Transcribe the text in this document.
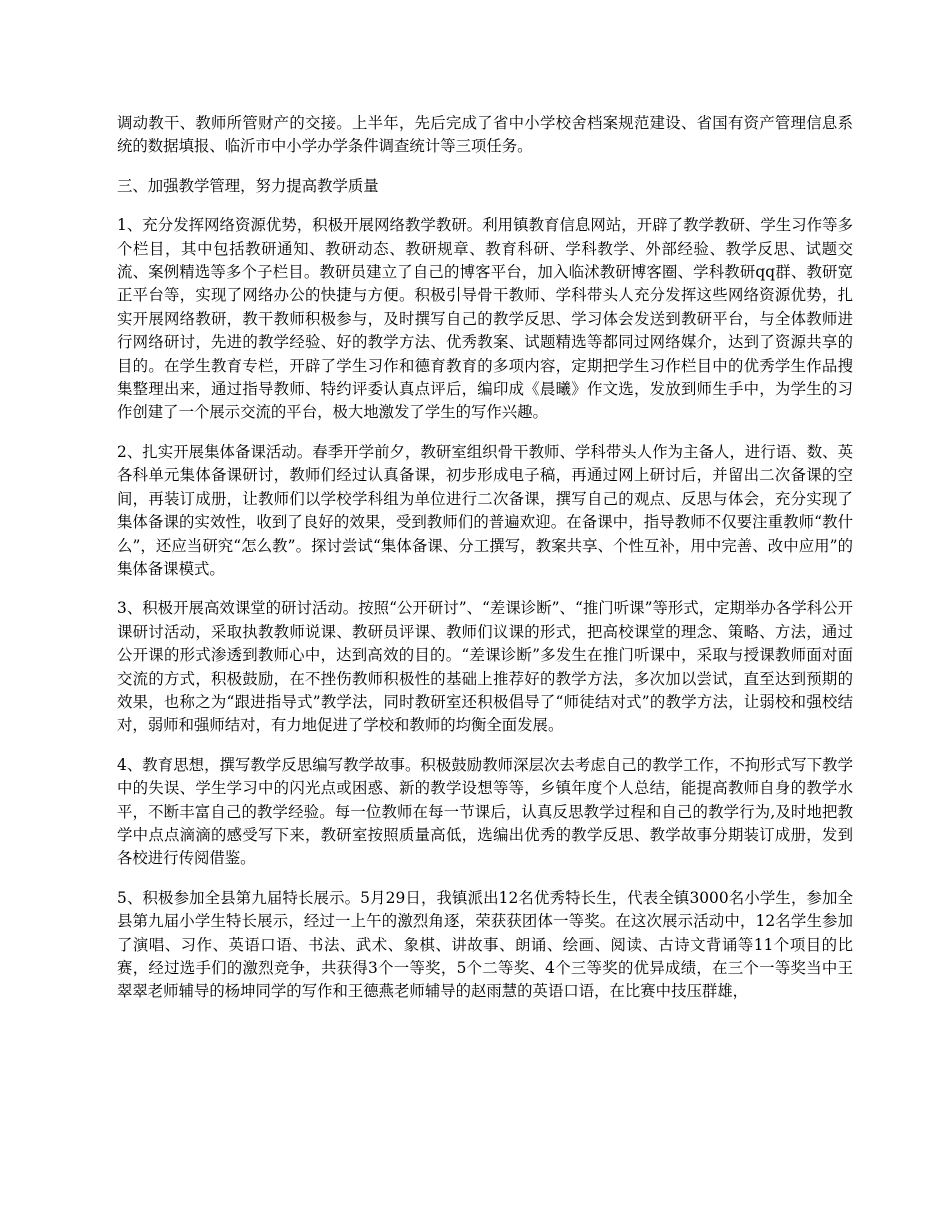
调动教干、教师所管财产的交接。上半年，先后完成了省中小学校舍档案规范建设、省国有资产管理信息系统的数据填报、临沂市中小学办学条件调查统计等三项任务。

三、加强教学管理，努力提高教学质量

1、充分发挥网络资源优势，积极开展网络教学教研。利用镇教育信息网站，开辟了教学教研、学生习作等多个栏目，其中包括教研通知、教研动态、教研规章、教育科研、学科教学、外部经验、教学反思、试题交流、案例精选等多个子栏目。教研员建立了自己的博客平台，加入临沭教研博客圈、学科教研qq群、教研宽正平台等，实现了网络办公的快捷与方便。积极引导骨干教师、学科带头人充分发挥这些网络资源优势，扎实开展网络教研，教干教师积极参与，及时撰写自己的教学反思、学习体会发送到教研平台，与全体教师进行网络研讨，先进的教学经验、好的教学方法、优秀教案、试题精选等都同过网络媒介，达到了资源共享的目的。在学生教育专栏，开辟了学生习作和德育教育的多项内容，定期把学生习作栏目中的优秀学生作品搜集整理出来，通过指导教师、特约评委认真点评后，编印成《晨曦》作文选，发放到师生手中，为学生的习作创建了一个展示交流的平台，极大地激发了学生的写作兴趣。

2、扎实开展集体备课活动。春季开学前夕，教研室组织骨干教师、学科带头人作为主备人，进行语、数、英各科单元集体备课研讨，教师们经过认真备课，初步形成电子稿，再通过网上研讨后，并留出二次备课的空间，再装订成册，让教师们以学校学科组为单位进行二次备课，撰写自己的观点、反思与体会，充分实现了集体备课的实效性，收到了良好的效果，受到教师们的普遍欢迎。在备课中，指导教师不仅要注重教师“教什么”，还应当研究“怎么教”。探讨尝试“集体备课、分工撰写，教案共享、个性互补，用中完善、改中应用”的集体备课模式。

3、积极开展高效课堂的研讨活动。按照“公开研讨”、“差课诊断”、“推门听课”等形式，定期举办各学科公开课研讨活动，采取执教教师说课、教研员评课、教师们议课的形式，把高校课堂的理念、策略、方法，通过公开课的形式渗透到教师心中，达到高效的目的。“差课诊断”多发生在推门听课中，采取与授课教师面对面交流的方式，积极鼓励，在不挫伤教师积极性的基础上推荐好的教学方法，多次加以尝试，直至达到预期的效果，也称之为“跟进指导式”教学法，同时教研室还积极倡导了“师徒结对式”的教学方法，让弱校和强校结对，弱师和强师结对，有力地促进了学校和教师的均衡全面发展。

4、教育思想，撰写教学反思编写教学故事。积极鼓励教师深层次去考虑自己的教学工作，不拘形式写下教学中的失误、学生学习中的闪光点或困惑、新的教学设想等等，乡镇年度个人总结，能提高教师自身的教学水平，不断丰富自己的教学经验。每一位教师在每一节课后，认真反思教学过程和自己的教学行为,及时地把教学中点点滴滴的感受写下来，教研室按照质量高低，选编出优秀的教学反思、教学故事分期装订成册，发到各校进行传阅借鉴。

5、积极参加全县第九届特长展示。5月29日，我镇派出12名优秀特长生，代表全镇3000名小学生，参加全县第九届小学生特长展示，经过一上午的激烈角逐，荣获获团体一等奖。在这次展示活动中，12名学生参加了演唱、习作、英语口语、书法、武术、象棋、讲故事、朗诵、绘画、阅读、古诗文背诵等11个项目的比赛，经过选手们的激烈竞争，共获得3个一等奖，5个二等奖、4个三等奖的优异成绩，在三个一等奖当中王翠翠老师辅导的杨坤同学的写作和王德燕老师辅导的赵雨慧的英语口语，在比赛中技压群雄，
